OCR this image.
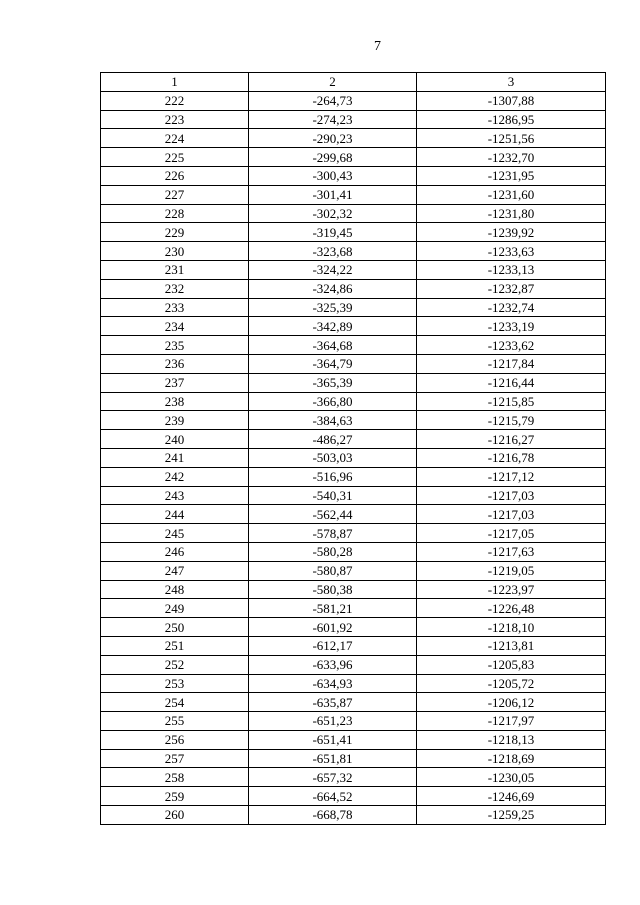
7
1	2	3
222	-264,73	-1307,88
223	-274,23	-1286,95
224	-290,23	-1251,56
225	-299,68	-1232,70
226	-300,43	-1231,95
227	-301,41	-1231,60
228	-302,32	-1231,80
229	-319,45	-1239,92
230	-323,68	-1233,63
231	-324,22	-1233,13
232	-324,86	-1232,87
233	-325,39	-1232,74
234	-342,89	-1233,19
235	-364,68	-1233,62
236	-364,79	-1217,84
237	-365,39	-1216,44
238	-366,80	-1215,85
239	-384,63	-1215,79
240	-486,27	-1216,27
241	-503,03	-1216,78
242	-516,96	-1217,12
243	-540,31	-1217,03
244	-562,44	-1217,03
245	-578,87	-1217,05
246	-580,28	-1217,63
247	-580,87	-1219,05
248	-580,38	-1223,97
249	-581,21	-1226,48
250	-601,92	-1218,10
251	-612,17	-1213,81
252	-633,96	-1205,83
253	-634,93	-1205,72
254	-635,87	-1206,12
255	-651,23	-1217,97
256	-651,41	-1218,13
257	-651,81	-1218,69
258	-657,32	-1230,05
259	-664,52	-1246,69
260	-668,78	-1259,25
